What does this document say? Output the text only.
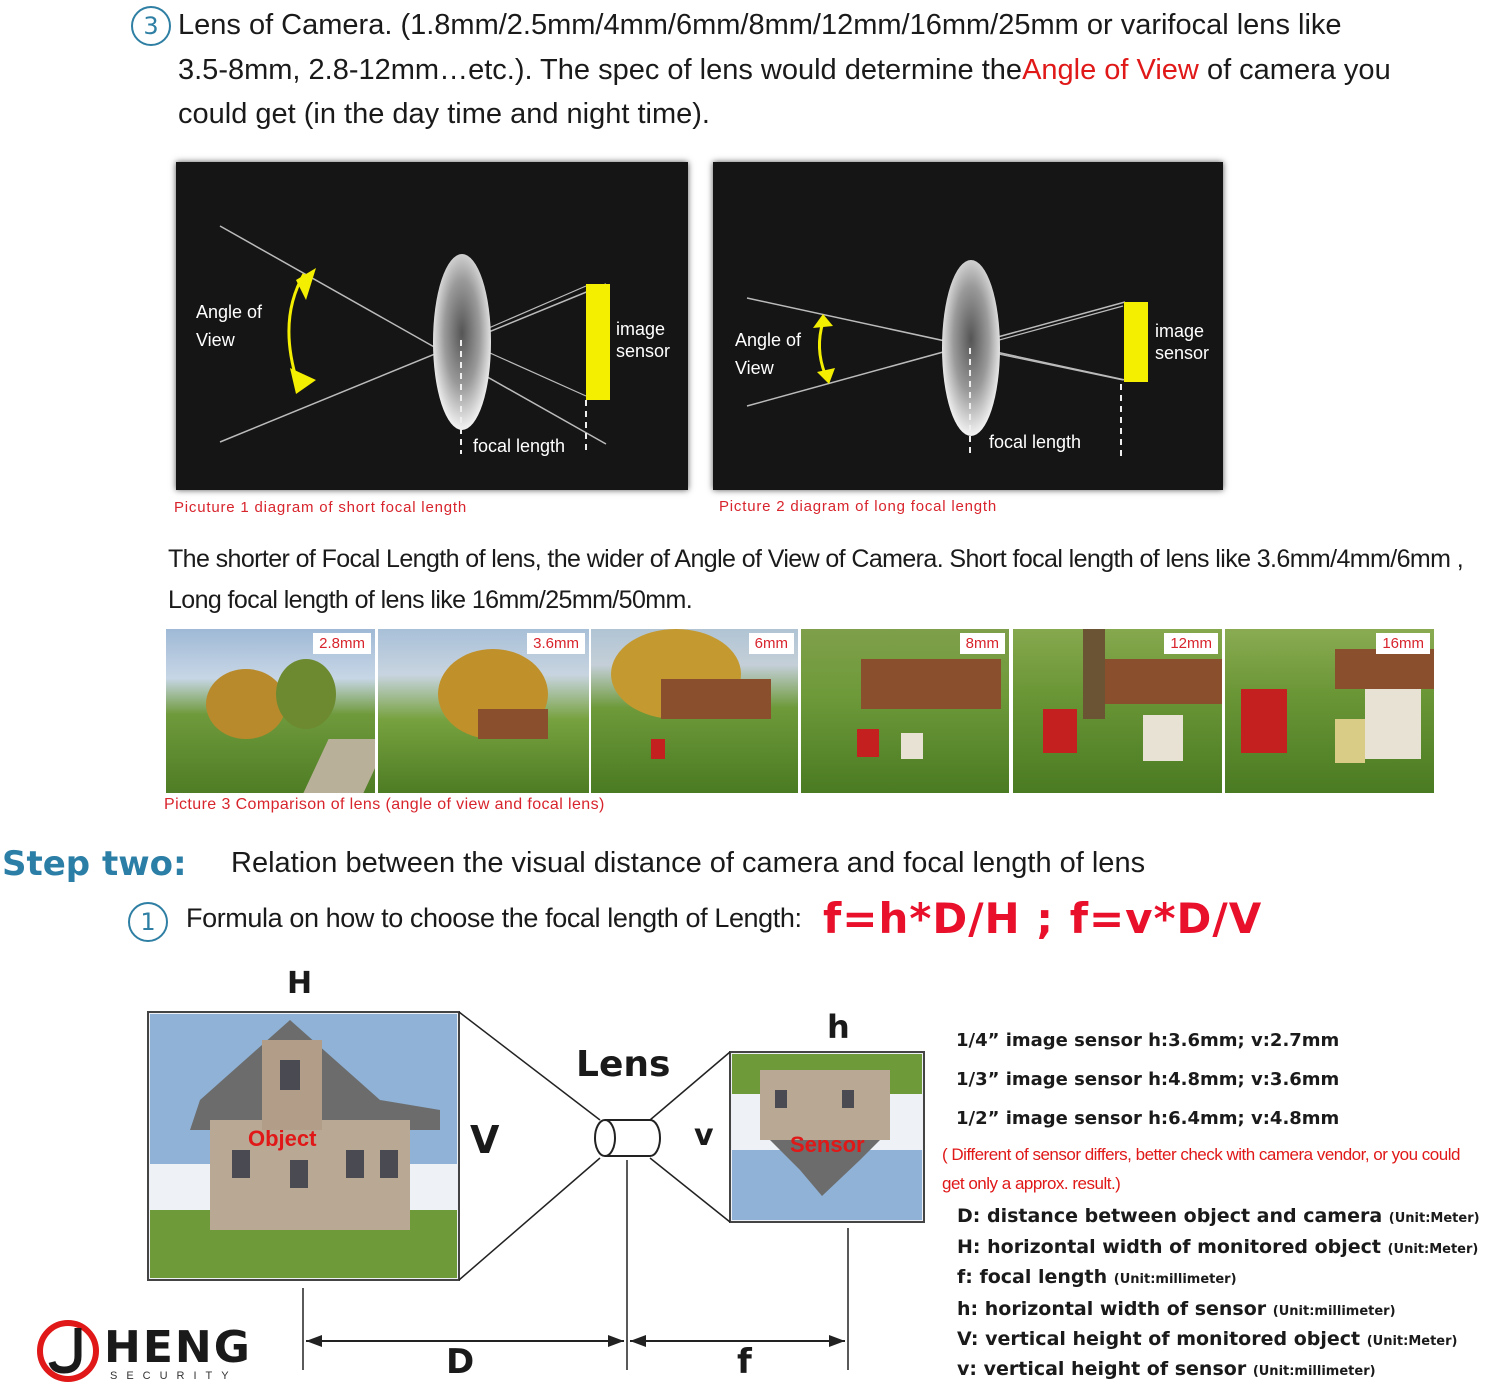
3 Lens of Camera. (1.8mm/2.5mm/4mm/6mm/8mm/12mm/16mm/25mm or varifocal lens like
3.5-8mm, 2.8-12mm…etc.). The spec of lens would determine theAngle of View of camera you
could get (in the day time and night time).
Angle of
View
image
sensor
focal length
Picuture 1 diagram of short focal length
Angle of
View
image
sensor
focal length
Picture 2 diagram of long focal length
The shorter of Focal Length of lens, the wider of Angle of View of Camera. Short focal length of lens like 3.6mm/4mm/6mm ,
Long focal length of lens like 16mm/25mm/50mm.
2.8mm	3.6mm	6mm	8mm	12mm	16mm
Picture 3 Comparison of lens (angle of view and focal lens)
Step two: Relation between the visual distance of camera and focal length of lens
1	Formula on how to choose the focal length of Length: f=h*D/H ; f=v*D/V
H
V
Lens
h
v
Object	Sensor
D	f
1/4” image sensor h:3.6mm; v:2.7mm
1/3” image sensor h:4.8mm; v:3.6mm
1/2” image sensor h:6.4mm; v:4.8mm
( Different of sensor differs, better check with camera vendor, or you could
get only a approx. result.)
D: distance between object and camera (Unit:Meter)
H: horizontal width of monitored object (Unit:Meter)
f: focal length (Unit:millimeter)
h: horizontal width of sensor (Unit:millimeter)
V: vertical height of monitored object (Unit:Meter)
v: vertical height of sensor (Unit:millimeter)
HENG
SECURITY
